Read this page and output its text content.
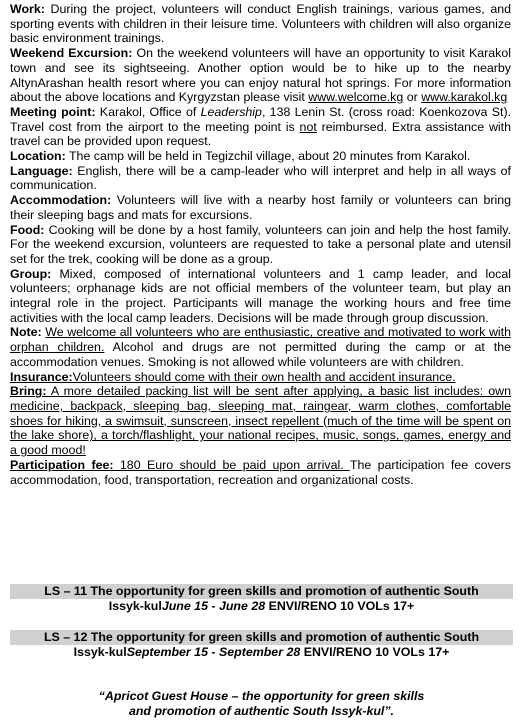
Work: During the project, volunteers will conduct English trainings, various games, and sporting events with children in their leisure time. Volunteers with children will also organize basic environment trainings.

Weekend Excursion: On the weekend volunteers will have an opportunity to visit Karakol town and see its sightseeing. Another option would be to hike up to the nearby AltynArashan health resort where you can enjoy natural hot springs. For more information about the above locations and Kyrgyzstan please visit www.welcome.kg or www.karakol.kg

Meeting point: Karakol, Office of Leadership, 138 Lenin St. (cross road: Koenkozova St). Travel cost from the airport to the meeting point is not reimbursed. Extra assistance with travel can be provided upon request.

Location: The camp will be held in Tegizchil village, about 20 minutes from Karakol.

Language: English, there will be a camp-leader who will interpret and help in all ways of communication.

Accommodation: Volunteers will live with a nearby host family or volunteers can bring their sleeping bags and mats for excursions.

Food: Cooking will be done by a host family, volunteers can join and help the host family. For the weekend excursion, volunteers are requested to take a personal plate and utensil set for the trek, cooking will be done as a group.

Group: Mixed, composed of international volunteers and 1 camp leader, and local volunteers; orphanage kids are not official members of the volunteer team, but play an integral role in the project. Participants will manage the working hours and free time activities with the local camp leaders. Decisions will be made through group discussion.

Note: We welcome all volunteers who are enthusiastic, creative and motivated to work with orphan children. Alcohol and drugs are not permitted during the camp or at the accommodation venues. Smoking is not allowed while volunteers are with children.

Insurance:Volunteers should come with their own health and accident insurance.

Bring: A more detailed packing list will be sent after applying, a basic list includes: own medicine, backpack, sleeping bag, sleeping mat, raingear, warm clothes, comfortable shoes for hiking, a swimsuit, sunscreen, insect repellent (much of the time will be spent on the lake shore), a torch/flashlight, your national recipes, music, songs, games, energy and a good mood!

Participation fee: 180 Euro should be paid upon arrival. The participation fee covers accommodation, food, transportation, recreation and organizational costs.

LS – 11 The opportunity for green skills and promotion of authentic South
Issyk-kulJune 15 - June 28 ENVI/RENO 10 VOLs 17+
LS – 12 The opportunity for green skills and promotion of authentic South
Issyk-kulSeptember 15 - September 28 ENVI/RENO 10 VOLs 17+
“Apricot Guest House – the opportunity for green skills
and promotion of authentic South Issyk-kul”.
